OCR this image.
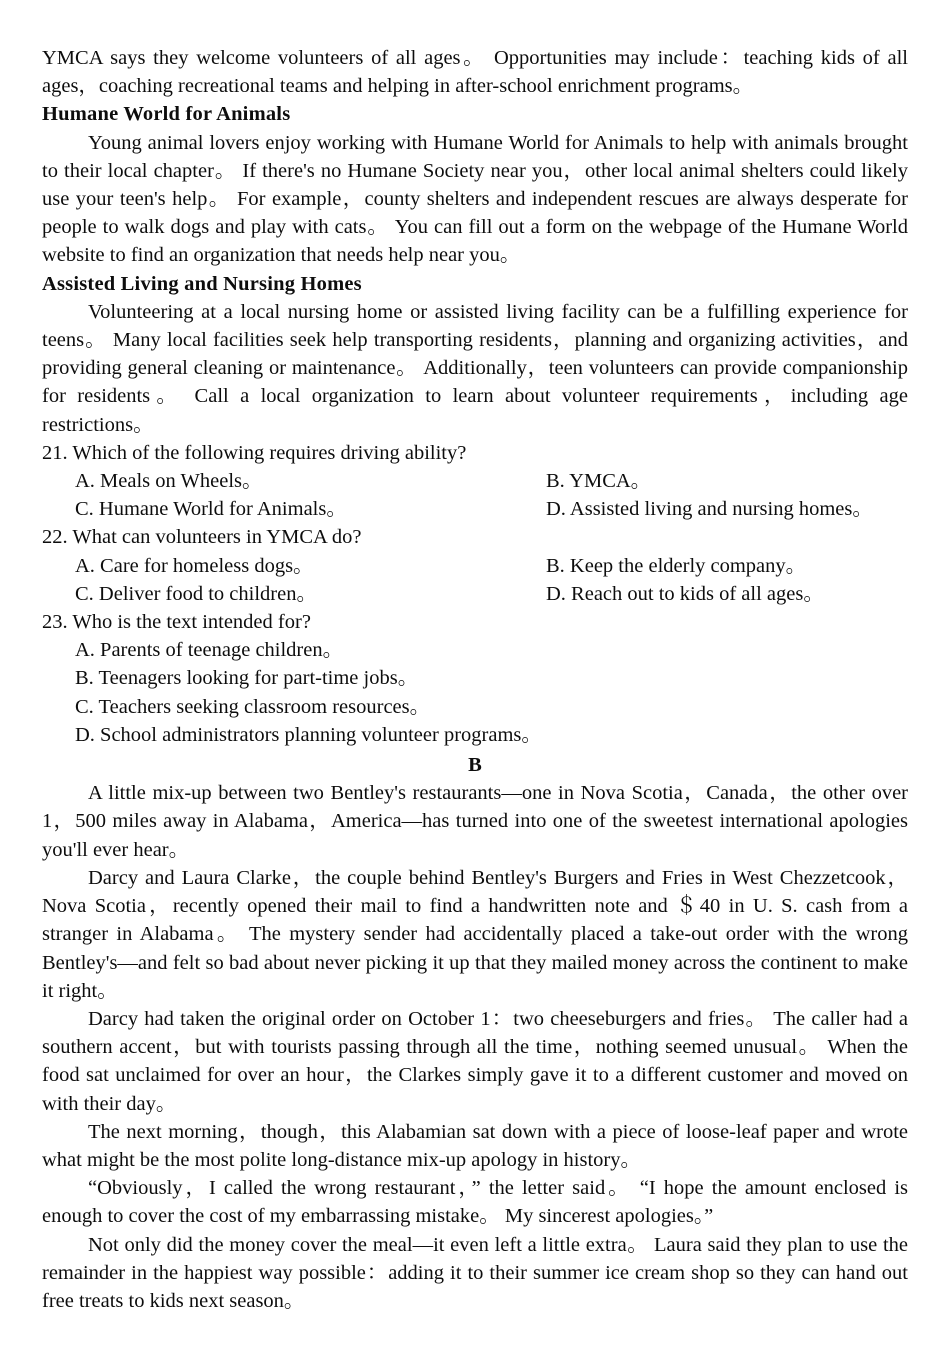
YMCA says they welcome volunteers of all ages。 Opportunities may include：teaching kids of all ages，coaching recreational teams and helping in after-school enrichment programs。

Humane World for Animals

Young animal lovers enjoy working with Humane World for Animals to help with animals brought to their local chapter。 If there's no Humane Society near you，other local animal shelters could likely use your teen's help。 For example，county shelters and independent rescues are always desperate for people to walk dogs and play with cats。 You can fill out a form on the webpage of the Humane World website to find an organization that needs help near you。

Assisted Living and Nursing Homes

Volunteering at a local nursing home or assisted living facility can be a fulfilling experience for teens。 Many local facilities seek help transporting residents，planning and organizing activities，and providing general cleaning or maintenance。 Additionally，teen volunteers can provide companionship for residents。 Call a local organization to learn about volunteer requirements，including age restrictions。

21. Which of the following requires driving ability?
A. Meals on Wheels。	B. YMCA。
C. Humane World for Animals。	D. Assisted living and nursing homes。
22. What can volunteers in YMCA do?
A. Care for homeless dogs。	B. Keep the elderly company。
C. Deliver food to children。	D. Reach out to kids of all ages。
23. Who is the text intended for?
A. Parents of teenage children。
B. Teenagers looking for part-time jobs。
C. Teachers seeking classroom resources。
D. School administrators planning volunteer programs。

B

A little mix-up between two Bentley's restaurants—one in Nova Scotia，Canada，the other over 1，500 miles away in Alabama，America—has turned into one of the sweetest international apologies you'll ever hear。

Darcy and Laura Clarke，the couple behind Bentley's Burgers and Fries in West Chezzetcook，Nova Scotia，recently opened their mail to find a handwritten note and ＄40 in U. S. cash from a stranger in Alabama。 The mystery sender had accidentally placed a take-out order with the wrong Bentley's—and felt so bad about never picking it up that they mailed money across the continent to make it right。

Darcy had taken the original order on October 1：two cheeseburgers and fries。 The caller had a southern accent，but with tourists passing through all the time，nothing seemed unusual。 When the food sat unclaimed for over an hour，the Clarkes simply gave it to a different customer and moved on with their day。

The next morning，though，this Alabamian sat down with a piece of loose-leaf paper and wrote what might be the most polite long-distance mix-up apology in history。

“Obviously，I called the wrong restaurant，” the letter said。 “I hope the amount enclosed is enough to cover the cost of my embarrassing mistake。 My sincerest apologies。”

Not only did the money cover the meal—it even left a little extra。 Laura said they plan to use the remainder in the happiest way possible：adding it to their summer ice cream shop so they can hand out free treats to kids next season。
